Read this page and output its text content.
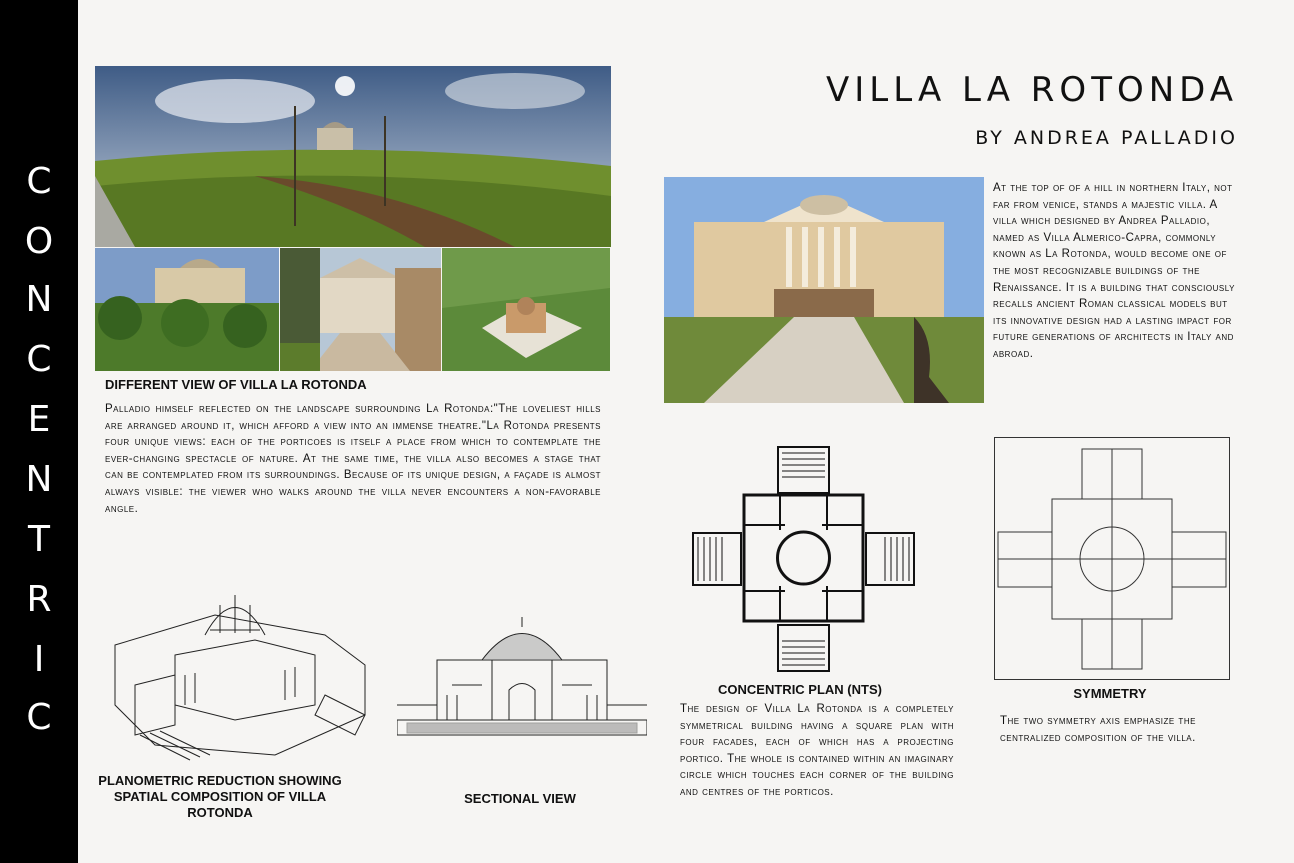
C
O
N
C
E
N
T
R
I
C
DIFFERENT VIEW OF VILLA LA ROTONDA
Palladio himself reflected on the landscape surrounding La Rotonda:"The loveliest hills are arranged around it, which afford a view into an immense theatre."La Rotonda presents four unique views: each of the porticoes is itself a place from which to contemplate the ever-changing spectacle of nature. At the same time, the villa also becomes a stage that can be contemplated from its surroundings. Because of its unique design, a façade is almost always visible: the viewer who walks around the villa never encounters a non-favorable angle.
VILLA LA ROTONDA
BY ANDREA PALLADIO
At the top of of a hill in northern Italy, not far from venice, stands a majestic villa. A villa which designed by Andrea Palladio, named as Villa Almerico-Capra, commonly known as La Rotonda, would become one of the most recognizable buildings of the Renaissance. It is a building that consciously recalls ancient Roman classical models but its innovative design had a lasting impact for future generations of architects in Italy and abroad.
PLANOMETRIC REDUCTION SHOWING SPATIAL COMPOSITION OF VILLA ROTONDA
SECTIONAL VIEW
CONCENTRIC PLAN (NTS)
The design of Villa La Rotonda is a completely symmetrical building having a square plan with four facades, each of which has a projecting portico. The whole is contained within an imaginary circle which touches each corner of the building and centres of the porticos.
SYMMETRY
The two symmetry axis emphasize the centralized composition of the villa.
